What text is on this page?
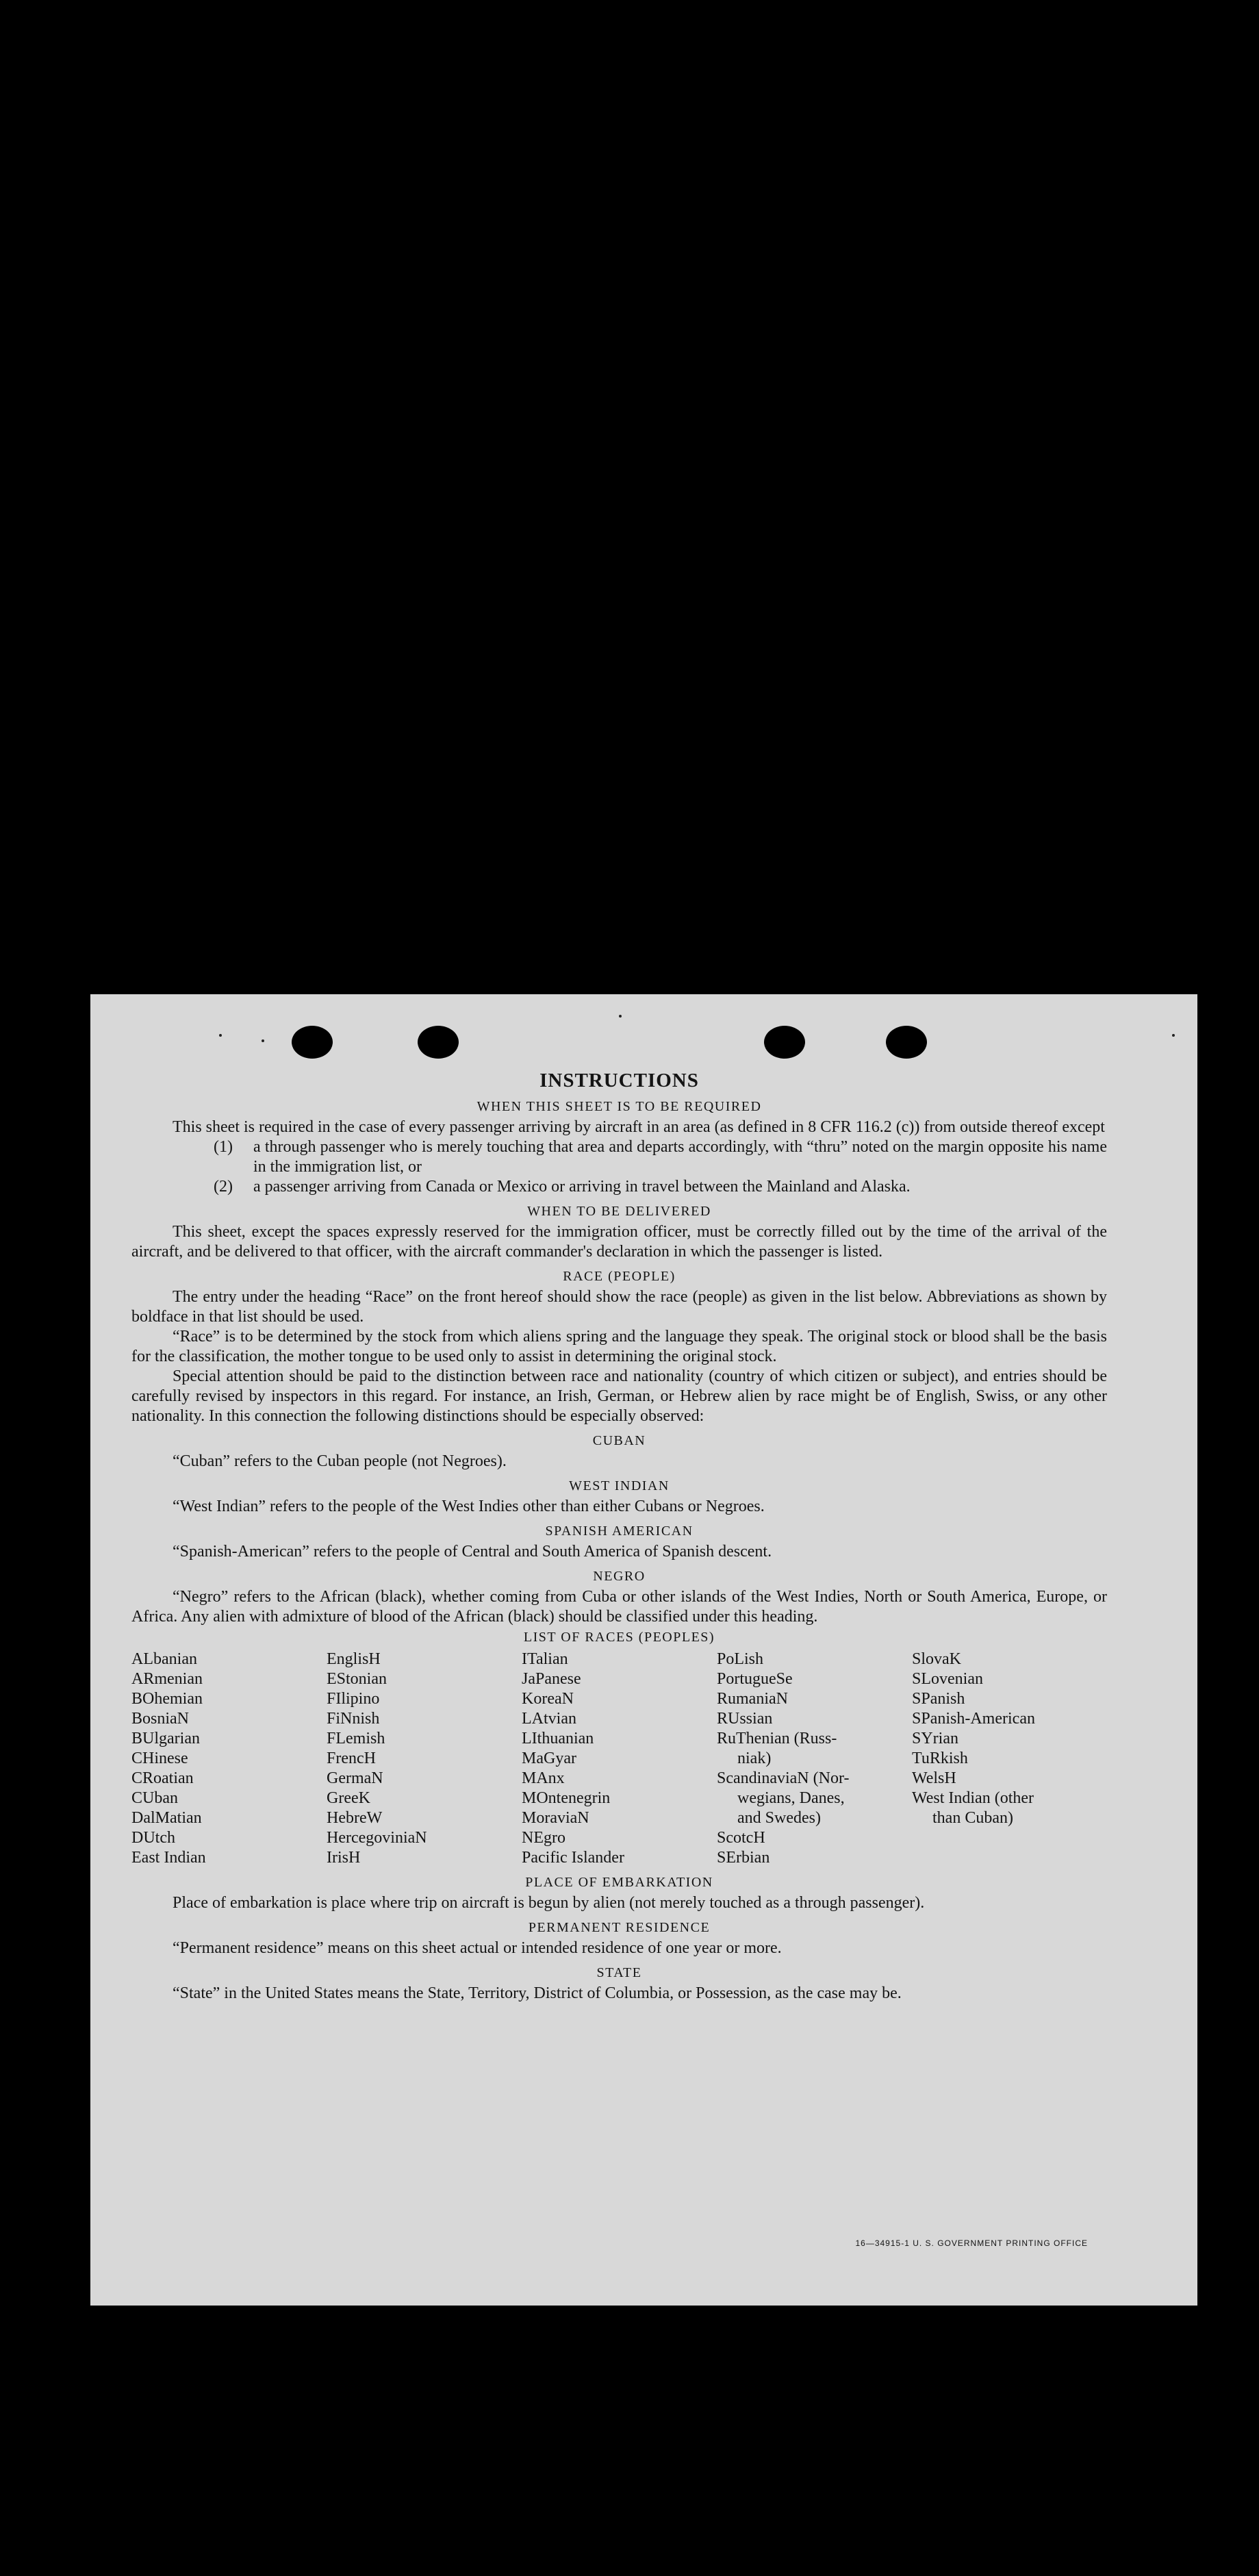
INSTRUCTIONS
WHEN THIS SHEET IS TO BE REQUIRED

This sheet is required in the case of every passenger arriving by aircraft in an area (as defined in 8 CFR 116.2 (c)) from outside thereof except

(1)	a through passenger who is merely touching that area and departs accordingly, with “thru” noted on the margin opposite his name in the immigration list, or
(2)	a passenger arriving from Canada or Mexico or arriving in travel between the Mainland and Alaska.
WHEN TO BE DELIVERED

This sheet, except the spaces expressly reserved for the immigration officer, must be correctly filled out by the time of the arrival of the aircraft, and be delivered to that officer, with the aircraft commander's declaration in which the passenger is listed.

RACE (PEOPLE)

The entry under the heading “Race” on the front hereof should show the race (people) as given in the list below. Abbreviations as shown by boldface in that list should be used.

“Race” is to be determined by the stock from which aliens spring and the language they speak. The original stock or blood shall be the basis for the classification, the mother tongue to be used only to assist in determining the original stock.

Special attention should be paid to the distinction between race and nationality (country of which citizen or subject), and entries should be carefully revised by inspectors in this regard. For instance, an Irish, German, or Hebrew alien by race might be of English, Swiss, or any other nationality. In this connection the following distinctions should be especially observed:

CUBAN

“Cuban” refers to the Cuban people (not Negroes).

WEST INDIAN

“West Indian” refers to the people of the West Indies other than either Cubans or Negroes.

SPANISH AMERICAN

“Spanish-American” refers to the people of Central and South America of Spanish descent.

NEGRO

“Negro” refers to the African (black), whether coming from Cuba or other islands of the West Indies, North or South America, Europe, or Africa. Any alien with admixture of blood of the African (black) should be classified under this heading.

LIST OF RACES (PEOPLES)
ALbanian
ARmenian
BOhemian
BosniaN
BUlgarian
CHinese
CRoatian
CUban
DalMatian
DUtch
East Indian
EnglisH
EStonian
FIlipino
FiNnish
FLemish
FrencH
GermaN
GreeK
HebreW
HercegoviniaN
IrisH
ITalian
JaPanese
KoreaN
LAtvian
LIthuanian
MaGyar
MAnx
MOntenegrin
MoraviaN
NEgro
Pacific Islander
PoLish
PortugueSe
RumaniaN
RUssian
RuThenian (Russ-
niak)
ScandinaviaN (Nor-
wegians, Danes,
and Swedes)
ScotcH
SErbian
SlovaK
SLovenian
SPanish
SPanish-American
SYrian
TuRkish
WelsH
West Indian (other
than Cuban)
PLACE OF EMBARKATION

Place of embarkation is place where trip on aircraft is begun by alien (not merely touched as a through passenger).

PERMANENT RESIDENCE

“Permanent residence” means on this sheet actual or intended residence of one year or more.

STATE

“State” in the United States means the State, Territory, District of Columbia, or Possession, as the case may be.

16—34915-1 U. S. GOVERNMENT PRINTING OFFICE
